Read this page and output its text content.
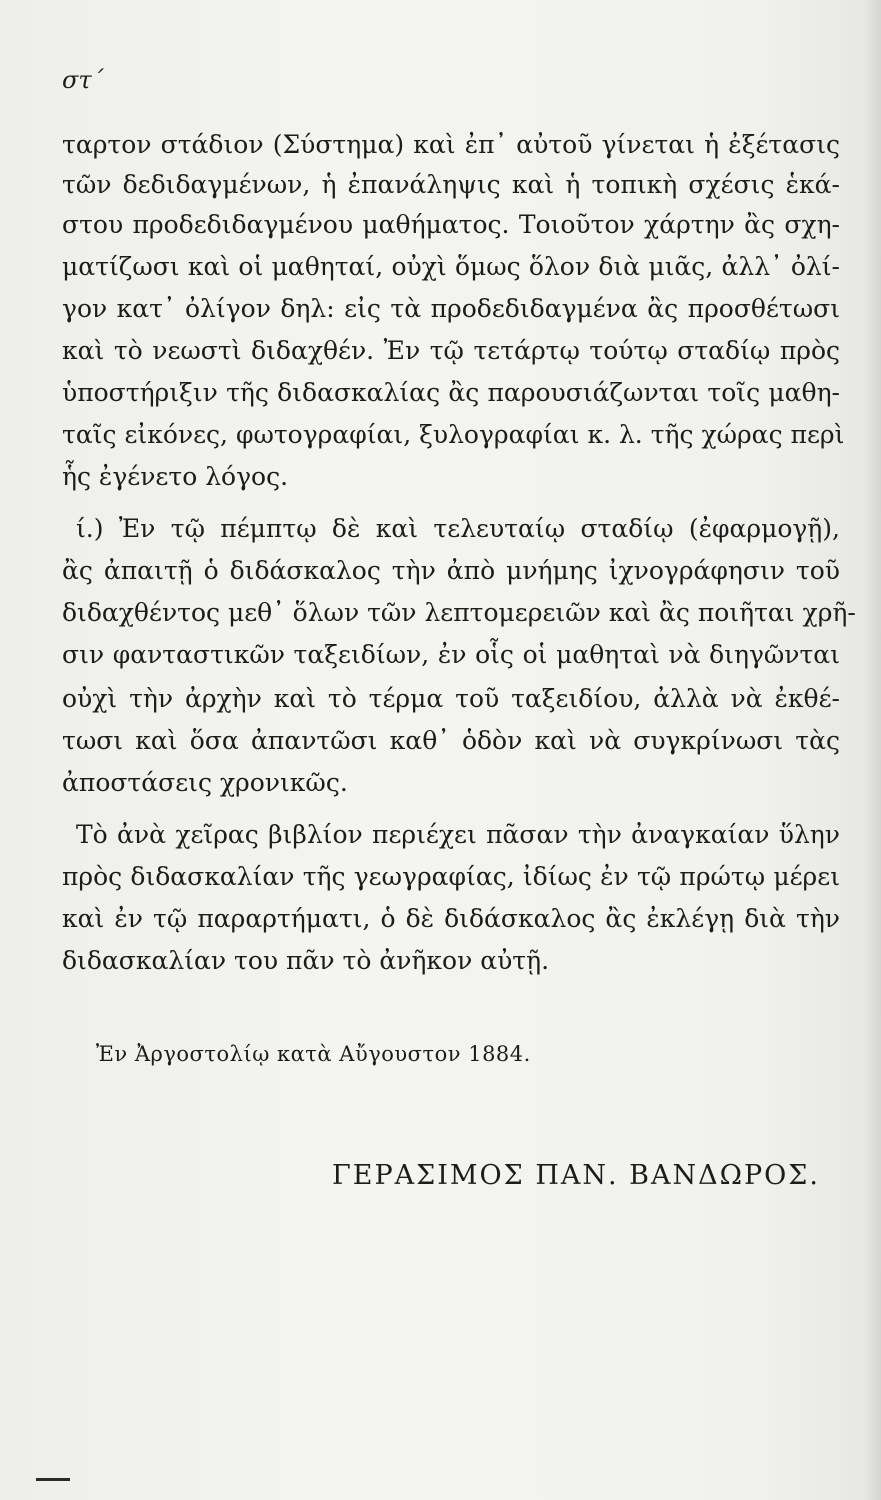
στ΄
ταρτον στάδιον (Σύστημα) καὶ ἐπ᾽ αὐτοῦ γίνεται ἡ ἐξέτασις
τῶν δεδιδαγμένων, ἡ ἐπανάληψις καὶ ἡ τοπικὴ σχέσις ἑκά-
στου προδεδιδαγμένου μαθήματος. Τοιοῦτον χάρτην ἂς σχη-
ματίζωσι καὶ οἱ μαθηταί, οὐχὶ ὅμως ὅλον διὰ μιᾶς, ἀλλ᾽ ὀλί-
γον κατ᾽ ὀλίγον δηλ: εἰς τὰ προδεδιδαγμένα ἂς προσθέτωσι
καὶ τὸ νεωστὶ διδαχθέν. Ἐν τῷ τετάρτῳ τούτῳ σταδίῳ πρὸς
ὑποστήριξιν τῆς διδασκαλίας ἂς παρουσιάζωνται τοῖς μαθη-
ταῖς εἰκόνες, φωτογραφίαι, ξυλογραφίαι κ. λ. τῆς χώρας περὶ
ἧς ἐγένετο λόγος.
ί.) Ἐν τῷ πέμπτῳ δὲ καὶ τελευταίῳ σταδίῳ (ἐφαρμογῇ),
ἂς ἀπαιτῇ ὁ διδάσκαλος τὴν ἀπὸ μνήμης ἰχνογράφησιν τοῦ
διδαχθέντος μεθ᾽ ὅλων τῶν λεπτομερειῶν καὶ ἂς ποιῆται χρῆ-
σιν φανταστικῶν ταξειδίων, ἐν οἷς οἱ μαθηταὶ νὰ διηγῶνται
οὐχὶ τὴν ἀρχὴν καὶ τὸ τέρμα τοῦ ταξειδίου, ἀλλὰ νὰ ἐκθέ-
τωσι καὶ ὅσα ἀπαντῶσι καθ᾽ ὁδὸν καὶ νὰ συγκρίνωσι τὰς
ἀποστάσεις χρονικῶς.
Τὸ ἀνὰ χεῖρας βιβλίον περιέχει πᾶσαν τὴν ἀναγκαίαν ὕλην
πρὸς διδασκαλίαν τῆς γεωγραφίας, ἰδίως ἐν τῷ πρώτῳ μέρει
καὶ ἐν τῷ παραρτήματι, ὁ δὲ διδάσκαλος ἂς ἐκλέγῃ διὰ τὴν
διδασκαλίαν του πᾶν τὸ ἀνῆκον αὐτῇ.
Ἐν Ἀργοστολίῳ κατὰ Αὔγουστον 1884.
ΓΕΡΑΣΙΜΟΣ ΠΑΝ. ΒΑΝΔΩΡΟΣ.
